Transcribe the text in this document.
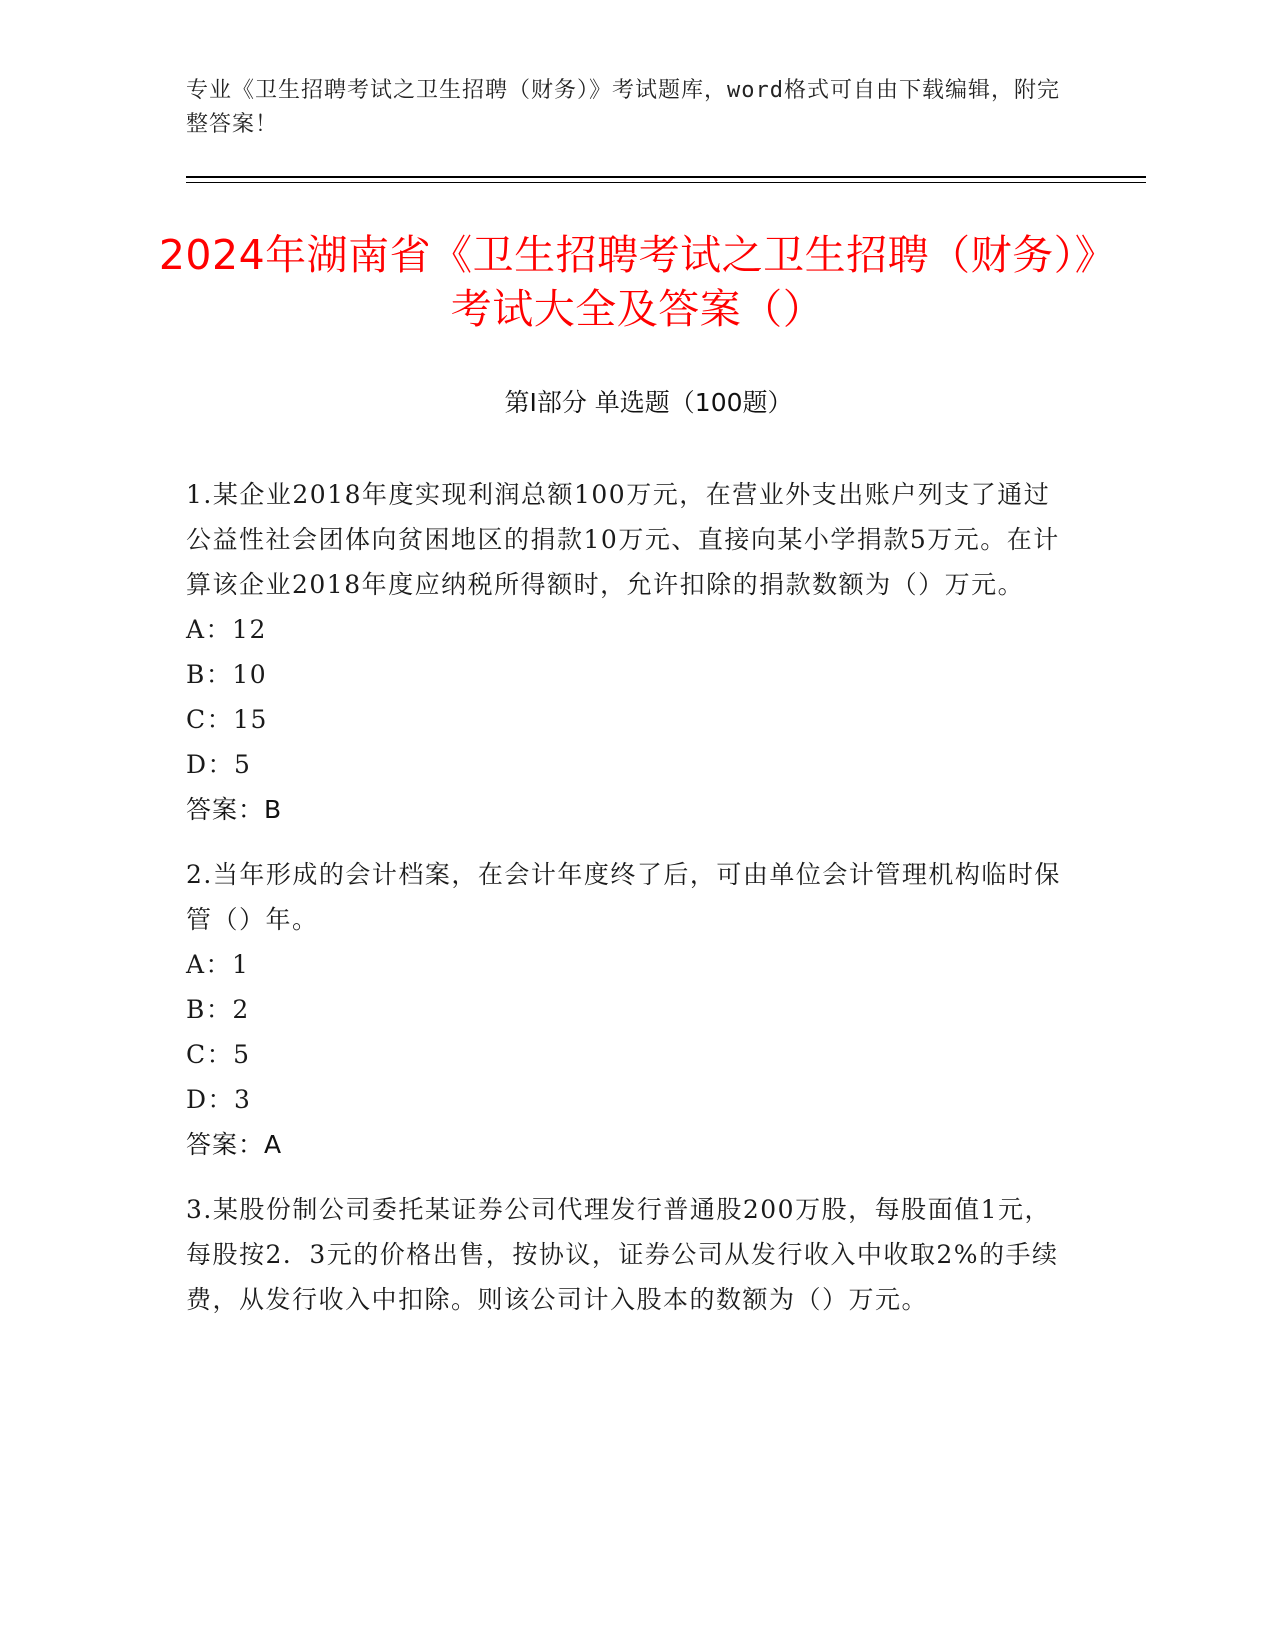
专业《卫生招聘考试之卫生招聘（财务）》考试题库，word格式可自由下载编辑，附完整答案！
2024年湖南省《卫生招聘考试之卫生招聘（财务）》考试大全及答案（）
第I部分 单选题（100题）
1.某企业2018年度实现利润总额100万元，在营业外支出账户列支了通过公益性社会团体向贫困地区的捐款10万元、直接向某小学捐款5万元。在计算该企业2018年度应纳税所得额时，允许扣除的捐款数额为（）万元。
A：12
B：10
C：15
D：5
答案：B
2.当年形成的会计档案，在会计年度终了后，可由单位会计管理机构临时保管（）年。
A：1
B：2
C：5
D：3
答案：A
3.某股份制公司委托某证券公司代理发行普通股200万股，每股面值1元，每股按2．3元的价格出售，按协议，证券公司从发行收入中收取2%的手续费，从发行收入中扣除。则该公司计入股本的数额为（）万元。
